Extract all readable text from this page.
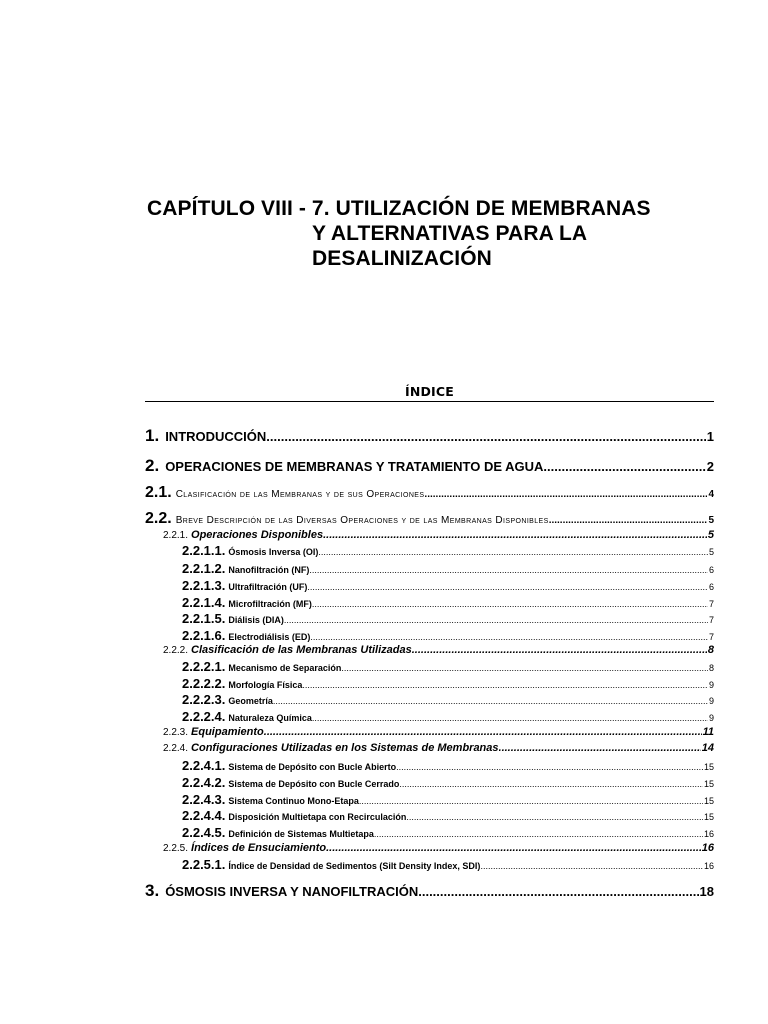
CAPÍTULO VIII - 7. UTILIZACIÓN DE MEMBRANAS
Y ALTERNATIVAS PARA LA
DESALINIZACIÓN
ÍNDICE
1. INTRODUCCIÓN .....	1
2. OPERACIONES DE MEMBRANAS Y TRATAMIENTO DE AGUA .....	2
2.1. Clasificación de las Membranas y de sus Operaciones .....	4
2.2. Breve Descripción de las Diversas Operaciones y de las Membranas Disponibles .....	5
2.2.1. Operaciones Disponibles .....	5
2.2.1.1. Ósmosis Inversa (OI) .....	5
2.2.1.2. Nanofiltración (NF) .....	6
2.2.1.3. Ultrafiltración (UF) .....	6
2.2.1.4. Microfiltración (MF) .....	7
2.2.1.5. Diálisis (DIA) .....	7
2.2.1.6. Electrodiálisis (ED) .....	7
2.2.2. Clasificación de las Membranas Utilizadas .....	8
2.2.2.1. Mecanismo de Separación .....	8
2.2.2.2. Morfología Física .....	9
2.2.2.3. Geometría .....	9
2.2.2.4. Naturaleza Química .....	9
2.2.3. Equipamiento .....	11
2.2.4. Configuraciones Utilizadas en los Sistemas de Membranas .....	14
2.2.4.1. Sistema de Depósito con Bucle Abierto .....	15
2.2.4.2. Sistema de Depósito con Bucle Cerrado .....	15
2.2.4.3. Sistema Continuo Mono-Etapa .....	15
2.2.4.4. Disposición Multietapa con Recirculación .....	15
2.2.4.5. Definición de Sistemas Multietapa .....	16
2.2.5. Índices de Ensuciamiento .....	16
2.2.5.1. Índice de Densidad de Sedimentos (Silt Density Index, SDI) .....	16
3. ÓSMOSIS INVERSA Y NANOFILTRACIÓN .....	18
